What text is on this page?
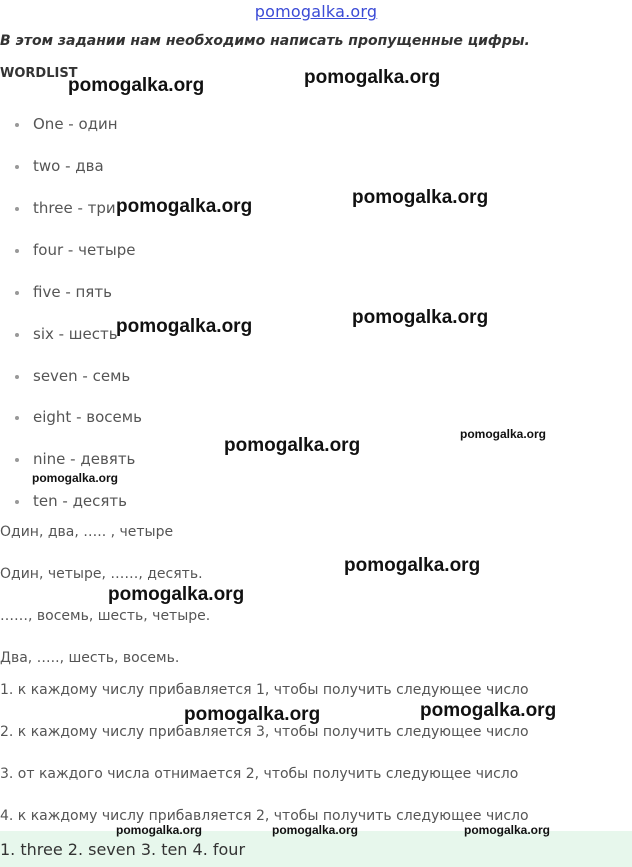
pomogalka.org
В этом задании нам необходимо написать пропущенные цифры.
WORDLIST
One - один
two - два
three - три
four - четыре
five - пять
six - шесть
seven - семь
eight - восемь
nine - девять
ten - десять
Один, два, ….. , четыре
Один, четыре, ……, десять.
……, восемь, шесть, четыре.
Два, ….., шесть, восемь.
1. к каждому числу прибавляется 1, чтобы получить следующее число
2. к каждому числу прибавляется 3, чтобы получить следующее число
3. от каждого числа отнимается 2, чтобы получить следующее число
4. к каждому числу прибавляется 2, чтобы получить следующее число
1. three 2. seven 3. ten 4. four
pomogalka.org	pomogalka.org
pomogalka.org	pomogalka.org
pomogalka.org	pomogalka.org
pomogalka.org
pomogalka.org
pomogalka.org
pomogalka.org
pomogalka.org
pomogalka.org	pomogalka.org
pomogalka.org	pomogalka.org	pomogalka.org
